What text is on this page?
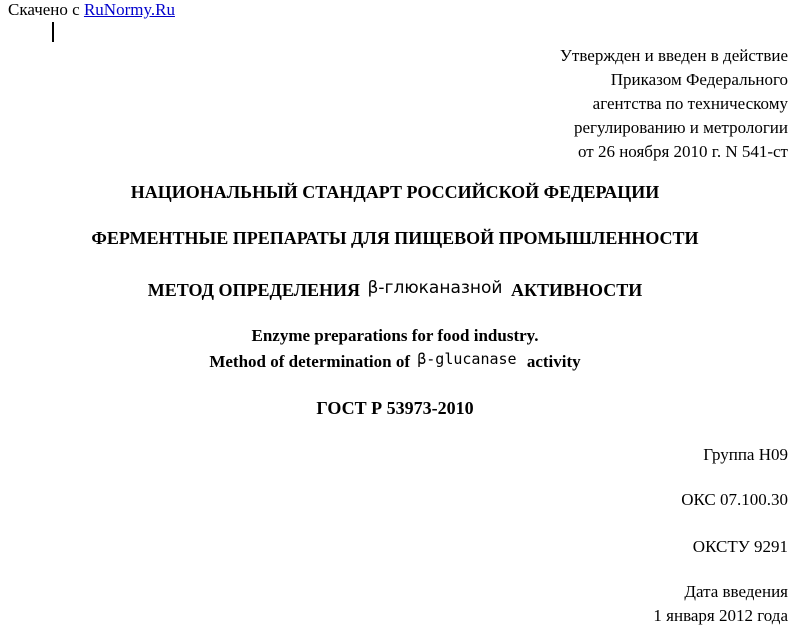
Скачено с RuNormy.Ru
Утвержден и введен в действие
Приказом Федерального
агентства по техническому
регулированию и метрологии
от 26 ноября 2010 г. N 541-ст
НАЦИОНАЛЬНЫЙ СТАНДАРТ РОССИЙСКОЙ ФЕДЕРАЦИИ
ФЕРМЕНТНЫЕ ПРЕПАРАТЫ ДЛЯ ПИЩЕВОЙ ПРОМЫШЛЕННОСТИ
МЕТОД ОПРЕДЕЛЕНИЯ β-глюканазной АКТИВНОСТИ
Enzyme preparations for food industry.
Method of determination of β-glucanase activity
ГОСТ Р 53973-2010
Группа Н09
ОКС 07.100.30
ОКСТУ 9291
Дата введения
1 января 2012 года
